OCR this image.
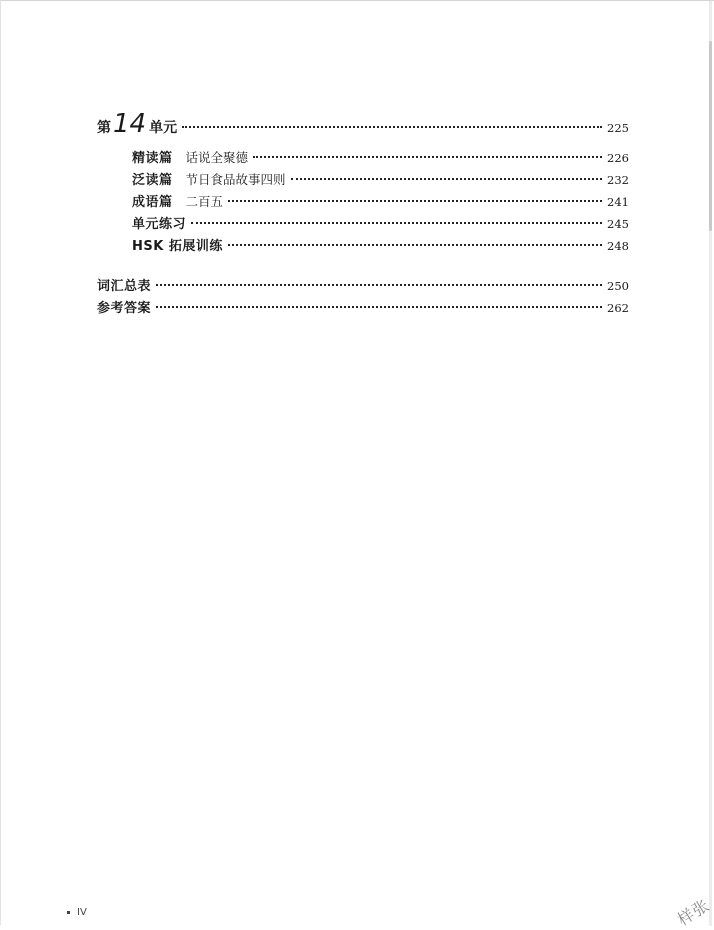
第 14 单元	225
精读篇 话说全聚德	226
泛读篇 节日食品故事四则	232
成语篇 二百五	241
单元练习	245
HSK 拓展训练	248
词汇总表	250
参考答案	262
IV	样张
